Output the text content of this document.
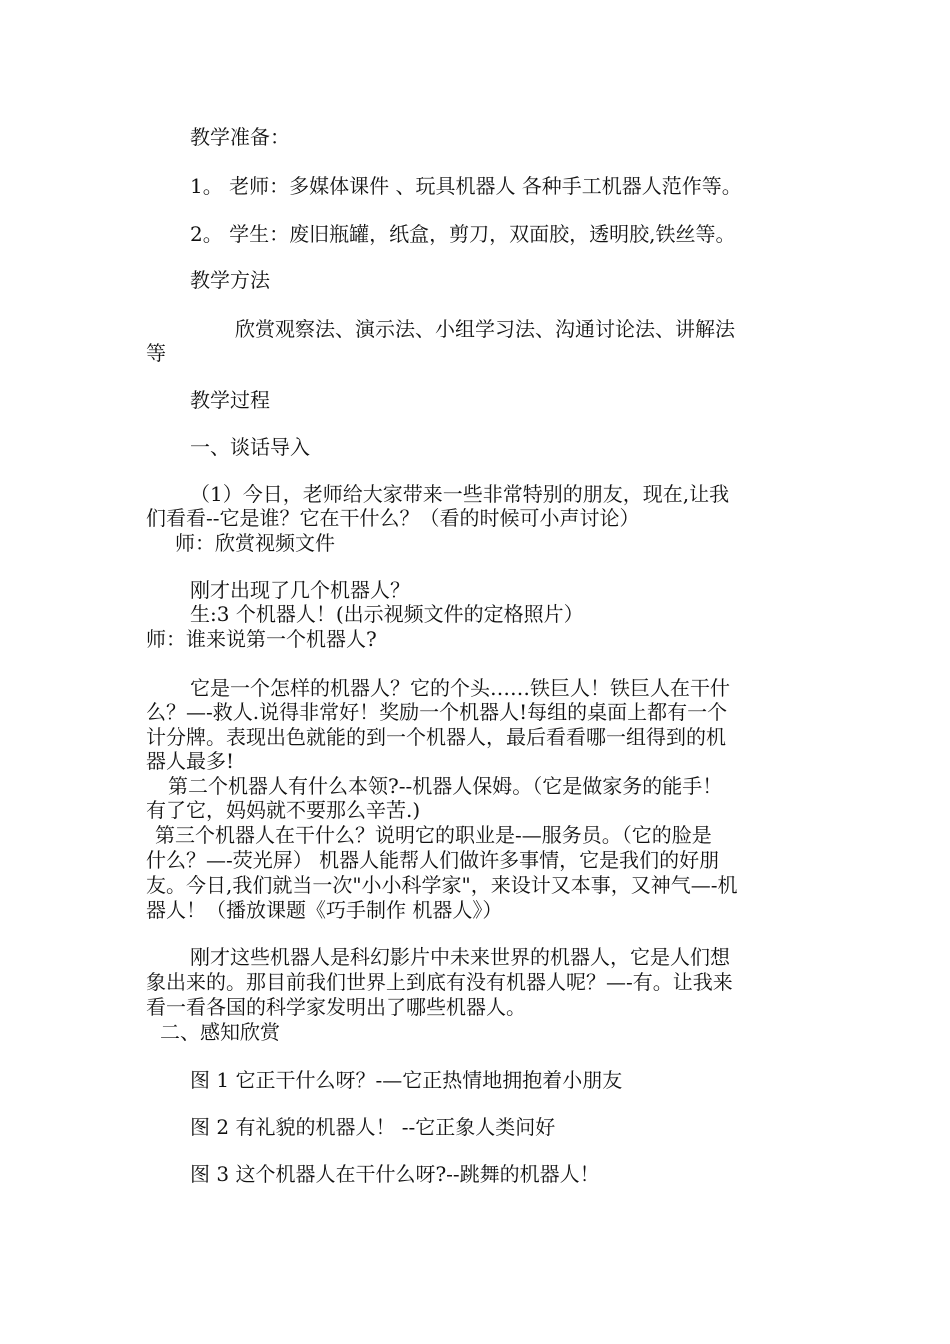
教学准备：
1。 老师：多媒体课件 、玩具机器人 各种手工机器人范作等。
2。 学生：废旧瓶罐，纸盒，剪刀，双面胶，透明胶,铁丝等。
教学方法
欣赏观察法、演示法、小组学习法、沟通讨论法、讲解法
等
教学过程
一、谈话导入
（1）今日，老师给大家带来一些非常特别的朋友，现在,让我
们看看--它是谁？它在干什么？（看的时候可小声讨论）
师：欣赏视频文件
刚才出现了几个机器人？
生:3 个机器人！(出示视频文件的定格照片）
师：谁来说第一个机器人?
它是一个怎样的机器人？它的个头……铁巨人！铁巨人在干什
么？—-救人.说得非常好！奖励一个机器人!每组的桌面上都有一个
计分牌。表现出色就能的到一个机器人，最后看看哪一组得到的机
器人最多!
第二个机器人有什么本领?--机器人保姆。（它是做家务的能手！
有了它，妈妈就不要那么辛苦.)
第三个机器人在干什么？说明它的职业是-—服务员。（它的脸是
什么？—-荧光屏） 机器人能帮人们做许多事情，它是我们的好朋
友。今日,我们就当一次"小小科学家"，来设计又本事，又神气—-机
器人！（播放课题《巧手制作 机器人》）
刚才这些机器人是科幻影片中未来世界的机器人，它是人们想
象出来的。那目前我们世界上到底有没有机器人呢？—-有。让我来
看一看各国的科学家发明出了哪些机器人。
二、感知欣赏
图 1 它正干什么呀？-—它正热情地拥抱着小朋友
图 2 有礼貌的机器人！ --它正象人类问好
图 3 这个机器人在干什么呀?--跳舞的机器人！
